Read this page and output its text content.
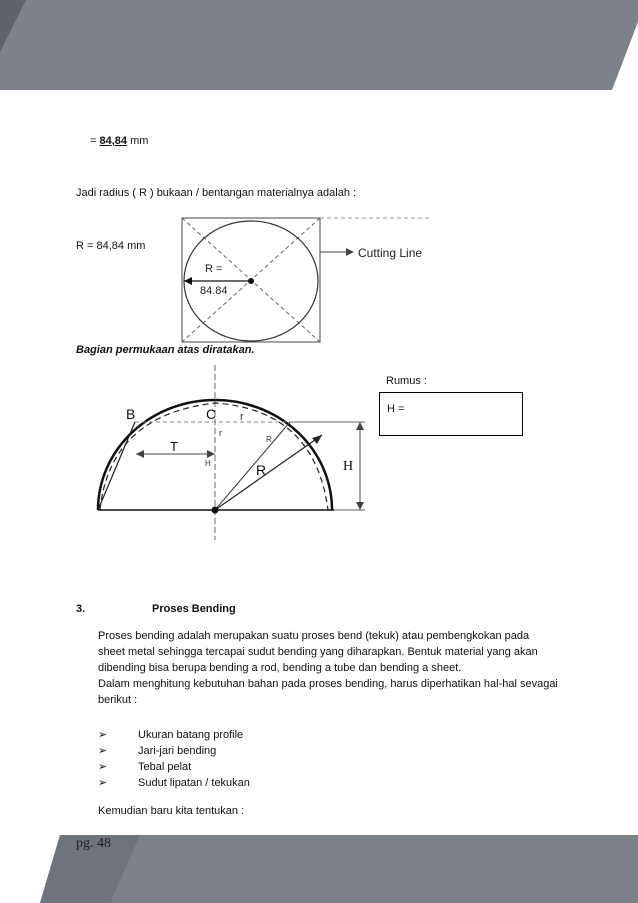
= 84,84 mm
Jadi radius ( R ) bukaan / bentangan materialnya adalah :
R = 84,84 mm
R =
84.84
Cutting Line
Bagian permukaan atas diratakan.
Rumus :
H =
B	C r
r
T
H
R
R	H
3.	Proses Bending
Proses bending adalah merupakan suatu proses bend (tekuk) atau pembengkokan pada
sheet metal sehingga tercapai sudut bending yang diharapkan. Bentuk material yang akan
dibending bisa berupa bending a rod, bending a tube dan bending a sheet.
Dalam menghitung kebutuhan bahan pada proses bending, harus diperhatikan hal-hal sevagai
berikut :
➢	Ukuran batang profile
➢	Jari-jari bending
➢	Tebal pelat
➢	Sudut lipatan / tekukan
Kemudian baru kita tentukan :
pg. 48
